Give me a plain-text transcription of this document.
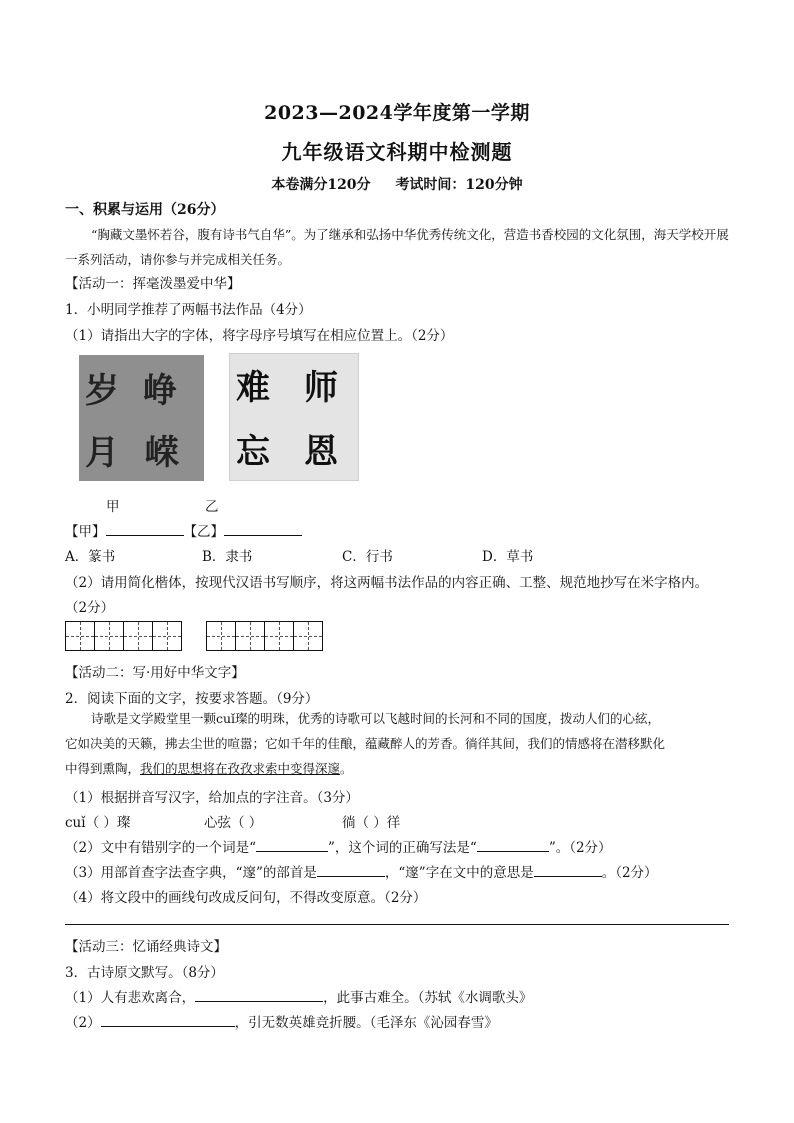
2023—2024学年度第一学期
九年级语文科期中检测题
本卷满分120分 考试时间：120分钟
一、积累与运用（26分）
“胸藏文墨怀若谷，腹有诗书气自华”。为了继承和弘扬中华优秀传统文化，营造书香校园的文化氛围，海天学校开展一系列活动，请你参与并完成相关任务。
【活动一：挥毫泼墨爱中华】
1．小明同学推荐了两幅书法作品（4分）
（1）请指出大字的字体，将字母序号填写在相应位置上。（2分）
峥
嵘
岁
月
师
恩
难
忘
甲	乙
【甲】	【乙】
A．篆书	B．隶书	C．行书	D．草书
（2）请用简化楷体，按现代汉语书写顺序，将这两幅书法作品的内容正确、工整、规范地抄写在米字格内。
（2分）
【活动二：写·用好中华文字】
2．阅读下面的文字，按要求答题。（9分）
诗歌是文学殿堂里一颗cuǐ璨的明珠，优秀的诗歌可以飞越时间的长河和不同的国度，拨动人们的心絃，
它如决美的天籁，拂去尘世的喧嚣；它如千年的佳酿，蕴藏醉人的芳香。徜徉其间，我们的情感将在潜移默化
中得到熏陶，我们的思想将在孜孜求索中变得深邃。
（1）根据拼音写汉字，给加点的字注音。（3分）
cuǐ（ ）璨	心弦（ ）	徜（ ）徉
（2）文中有错别字的一个词是“	”，这个词的正确写法是“	”。（2分）
（3）用部首查字法查字典，“邃”的部首是	，“邃”字在文中的意思是	。（2分）
（4）将文段中的画线句改成反问句，不得改变原意。（2分）
【活动三：忆诵经典诗文】
3．古诗原文默写。（8分）
（1）人有悲欢离合，	，此事古难全。（苏轼《水调歌头》
（2）	，引无数英雄竞折腰。（毛泽东《沁园春雪》
